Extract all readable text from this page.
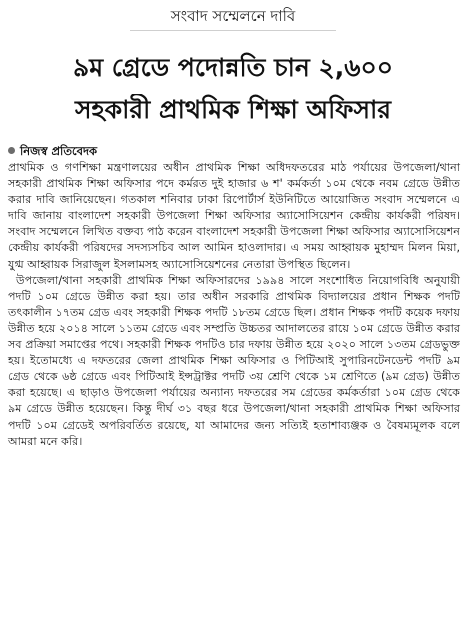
সংবাদ সম্মেলনে দাবি
৯ম গ্রেডে পদোন্নতি চান ২,৬০০
সহকারী প্রাথমিক শিক্ষা অফিসার
নিজস্ব প্রতিবেদক

প্রাথমিক ও গণশিক্ষা মন্ত্রণালয়ের অধীন প্রাথমিক শিক্ষা অধিদফতরের মাঠ পর্যায়ের উপজেলা/থানা সহকারী প্রাথমিক শিক্ষা অফিসার পদে কর্মরত দুই হাজার ৬ শ' কর্মকর্তা ১০ম থেকে নবম গ্রেডে উন্নীত করার দাবি জানিয়েছেন। গতকাল শনিবার ঢাকা রিপোর্টার্স ইউনিটিতে আয়োজিত সংবাদ সম্মেলনে এ দাবি জানায় বাংলাদেশ সহকারী উপজেলা শিক্ষা অফিসার অ্যাসোসিয়েশন কেন্দ্রীয় কার্যকরী পরিষদ। সংবাদ সম্মেলনে লিখিত বক্তব্য পাঠ করেন বাংলাদেশ সহকারী উপজেলা শিক্ষা অফিসার অ্যাসোসিয়েশন কেন্দ্রীয় কার্যকরী পরিষদের সদস্যসচিব আল আমিন হাওলাদার। এ সময় আহ্বায়ক মুহাম্মদ মিলন মিয়া, যুগ্ম আহ্বায়ক সিরাজুল ইসলামসহ অ্যাসোসিয়েশনের নেতারা উপস্থিত ছিলেন।

উপজেলা/থানা সহকারী প্রাথমিক শিক্ষা অফিসারদের ১৯৯৪ সালে সংশোধিত নিয়োগবিধি অনুযায়ী পদটি ১০ম গ্রেডে উন্নীত করা হয়। তার অধীন সরকারি প্রাথমিক বিদ্যালয়ের প্রধান শিক্ষক পদটি তৎকালীন ১৭তম গ্রেড এবং সহকারী শিক্ষক পদটি ১৮তম গ্রেডে ছিল। প্রধান শিক্ষক পদটি কয়েক দফায় উন্নীত হয়ে ২০১৪ সালে ১১তম গ্রেডে এবং সম্প্রতি উচ্চতর আদালতের রায়ে ১০ম গ্রেডে উন্নীত করার সব প্রক্রিয়া সমাপ্তের পথে। সহকারী শিক্ষক পদটিও চার দফায় উন্নীত হয়ে ২০২০ সালে ১৩তম গ্রেডভুক্ত হয়। ইতোমধ্যে এ দফতরের জেলা প্রাথমিক শিক্ষা অফিসার ও পিটিআই সুপারিনটেনডেন্ট পদটি ৯ম গ্রেড থেকে ৬ষ্ঠ গ্রেডে এবং পিটিআই ইন্সট্রাক্টর পদটি ৩য় শ্রেণি থেকে ১ম শ্রেণিতে (৯ম গ্রেড) উন্নীত করা হয়েছে। এ ছাড়াও উপজেলা পর্যায়ের অন্যান্য দফতরের সম গ্রেডের কর্মকর্তারা ১০ম গ্রেড থেকে ৯ম গ্রেডে উন্নীত হয়েছেন। কিন্তু দীর্ঘ ৩১ বছর ধরে উপজেলা/থানা সহকারী প্রাথমিক শিক্ষা অফিসার পদটি ১০ম গ্রেডেই অপরিবর্তিত রয়েছে, যা আমাদের জন্য সত্যিই হতাশাব্যঞ্জক ও বৈষম্যমূলক বলে আমরা মনে করি।
